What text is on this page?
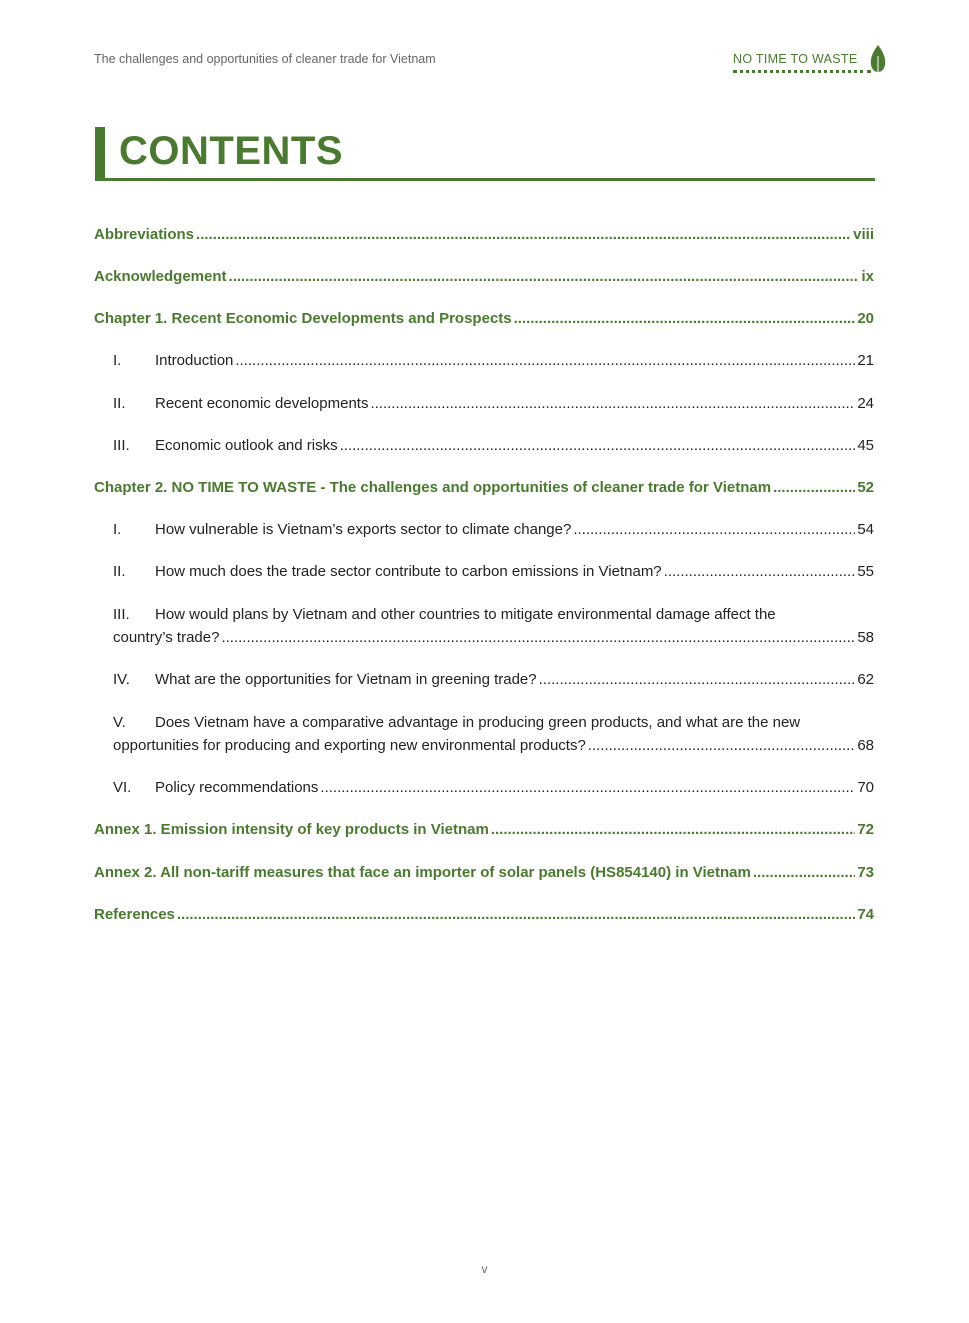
The challenges and opportunities of cleaner trade for Vietnam	NO TIME TO WASTE
CONTENTS
Abbreviations .....	viii
Acknowledgement .....	ix
Chapter 1. Recent Economic Developments and Prospects .....	20
I.	Introduction .....	21
II.	Recent economic developments .....	24
III.	Economic outlook and risks .....	45
Chapter 2. NO TIME TO WASTE - The challenges and opportunities of cleaner trade for Vietnam .....	52
I.	How vulnerable is Vietnam’s exports sector to climate change? .....	54
II.	How much does the trade sector contribute to carbon emissions in Vietnam? .....	55
III. How would plans by Vietnam and other countries to mitigate environmental damage affect the
country’s trade? .....	58
IV.	What are the opportunities for Vietnam in greening trade? .....	62
V. Does Vietnam have a comparative advantage in producing green products, and what are the new
opportunities for producing and exporting new environmental products? .....	68
VI.	Policy recommendations .....	70
Annex 1. Emission intensity of key products in Vietnam .....	72
Annex 2. All non-tariff measures that face an importer of solar panels (HS854140) in Vietnam .....	73
References .....	74
v
